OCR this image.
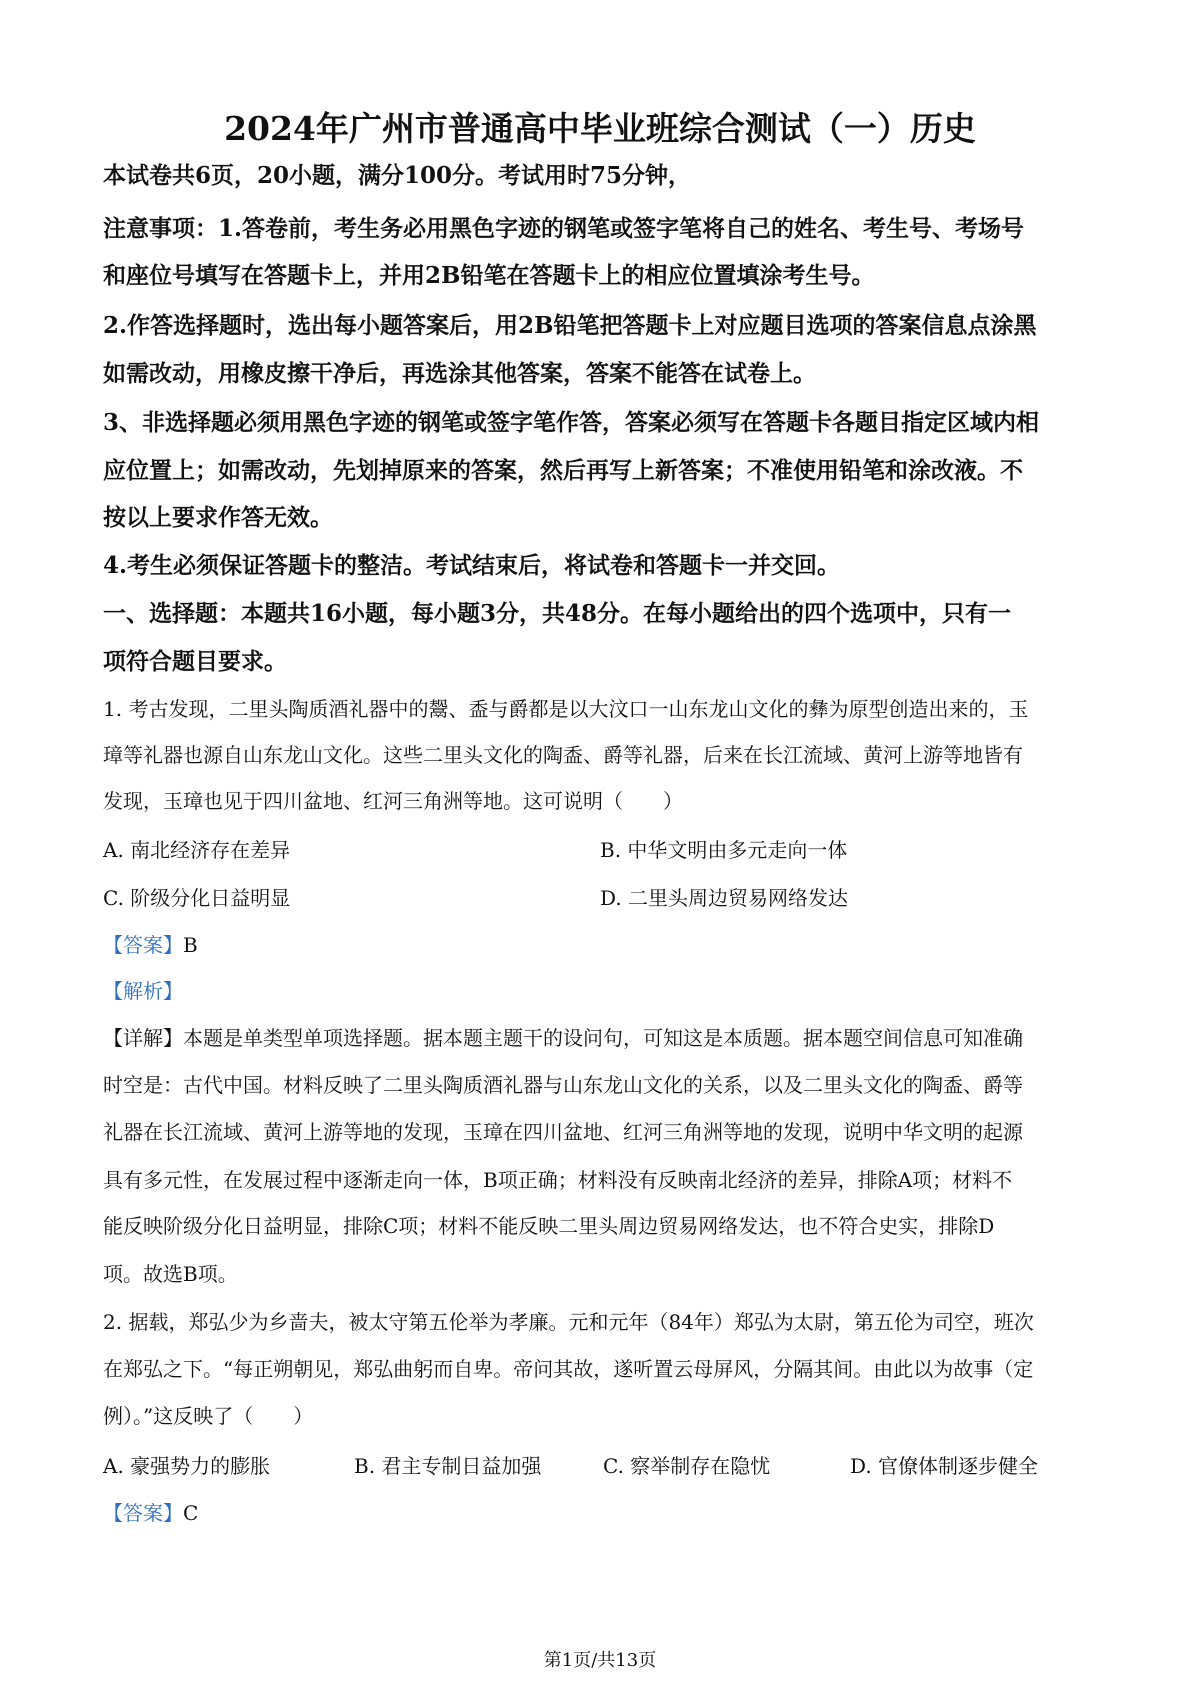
2024年广州市普通高中毕业班综合测试（一）历史
本试卷共6页，20小题，满分100分。考试用时75分钟，
注意事项：1.答卷前，考生务必用黑色字迹的钢笔或签字笔将自己的姓名、考生号、考场号
和座位号填写在答题卡上，并用2B铅笔在答题卡上的相应位置填涂考生号。
2.作答选择题时，选出每小题答案后，用2B铅笔把答题卡上对应题目选项的答案信息点涂黑
如需改动，用橡皮擦干净后，再选涂其他答案，答案不能答在试卷上。
3、非选择题必须用黑色字迹的钢笔或签字笔作答，答案必须写在答题卡各题目指定区域内相
应位置上；如需改动，先划掉原来的答案，然后再写上新答案；不准使用铅笔和涂改液。不
按以上要求作答无效。
4.考生必须保证答题卡的整洁。考试结束后，将试卷和答题卡一并交回。
一、选择题：本题共16小题，每小题3分，共48分。在每小题给出的四个选项中，只有一
项符合题目要求。
1. 考古发现，二里头陶质酒礼器中的鬶、盉与爵都是以大汶口一山东龙山文化的彝为原型创造出来的，玉
璋等礼器也源自山东龙山文化。这些二里头文化的陶盉、爵等礼器，后来在长江流域、黄河上游等地皆有
发现，玉璋也见于四川盆地、红河三角洲等地。这可说明（　　）
A. 南北经济存在差异	B. 中华文明由多元走向一体
C. 阶级分化日益明显	D. 二里头周边贸易网络发达
【答案】B
【解析】
【详解】本题是单类型单项选择题。据本题主题干的设问句，可知这是本质题。据本题空间信息可知准确
时空是：古代中国。材料反映了二里头陶质酒礼器与山东龙山文化的关系，以及二里头文化的陶盉、爵等
礼器在长江流域、黄河上游等地的发现，玉璋在四川盆地、红河三角洲等地的发现，说明中华文明的起源
具有多元性，在发展过程中逐渐走向一体，B项正确；材料没有反映南北经济的差异，排除A项；材料不
能反映阶级分化日益明显，排除C项；材料不能反映二里头周边贸易网络发达，也不符合史实，排除D
项。故选B项。
2. 据载，郑弘少为乡啬夫，被太守第五伦举为孝廉。元和元年（84年）郑弘为太尉，第五伦为司空，班次
在郑弘之下。“每正朔朝见，郑弘曲躬而自卑。帝问其故，遂听置云母屏风，分隔其间。由此以为故事（定
例）。”这反映了（　　）
A. 豪强势力的膨胀	B. 君主专制日益加强	C. 察举制存在隐忧	D. 官僚体制逐步健全
【答案】C
第1页/共13页
